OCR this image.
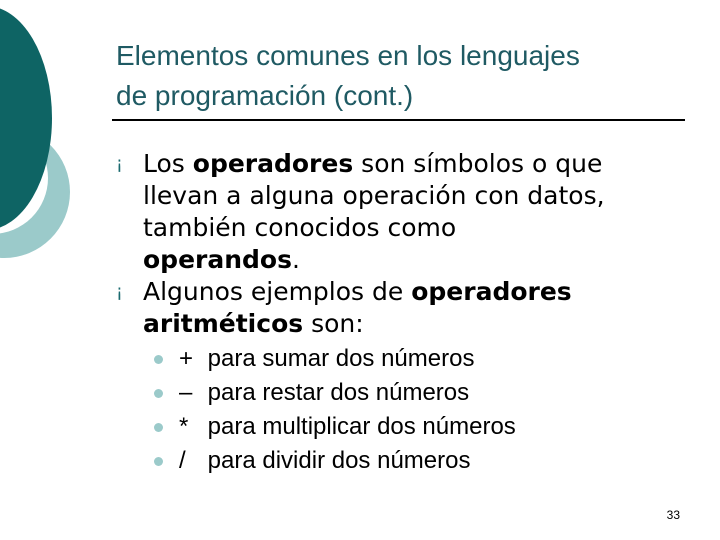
Elementos comunes en los lenguajes
de programación (cont.)
¡ Los operadores son símbolos o que
llevan a alguna operación con datos,
también conocidos como
operandos.
¡ Algunos ejemplos de operadores
aritméticos son:
+ para sumar dos números
– para restar dos números
* para multiplicar dos números
/ para dividir dos números
33
